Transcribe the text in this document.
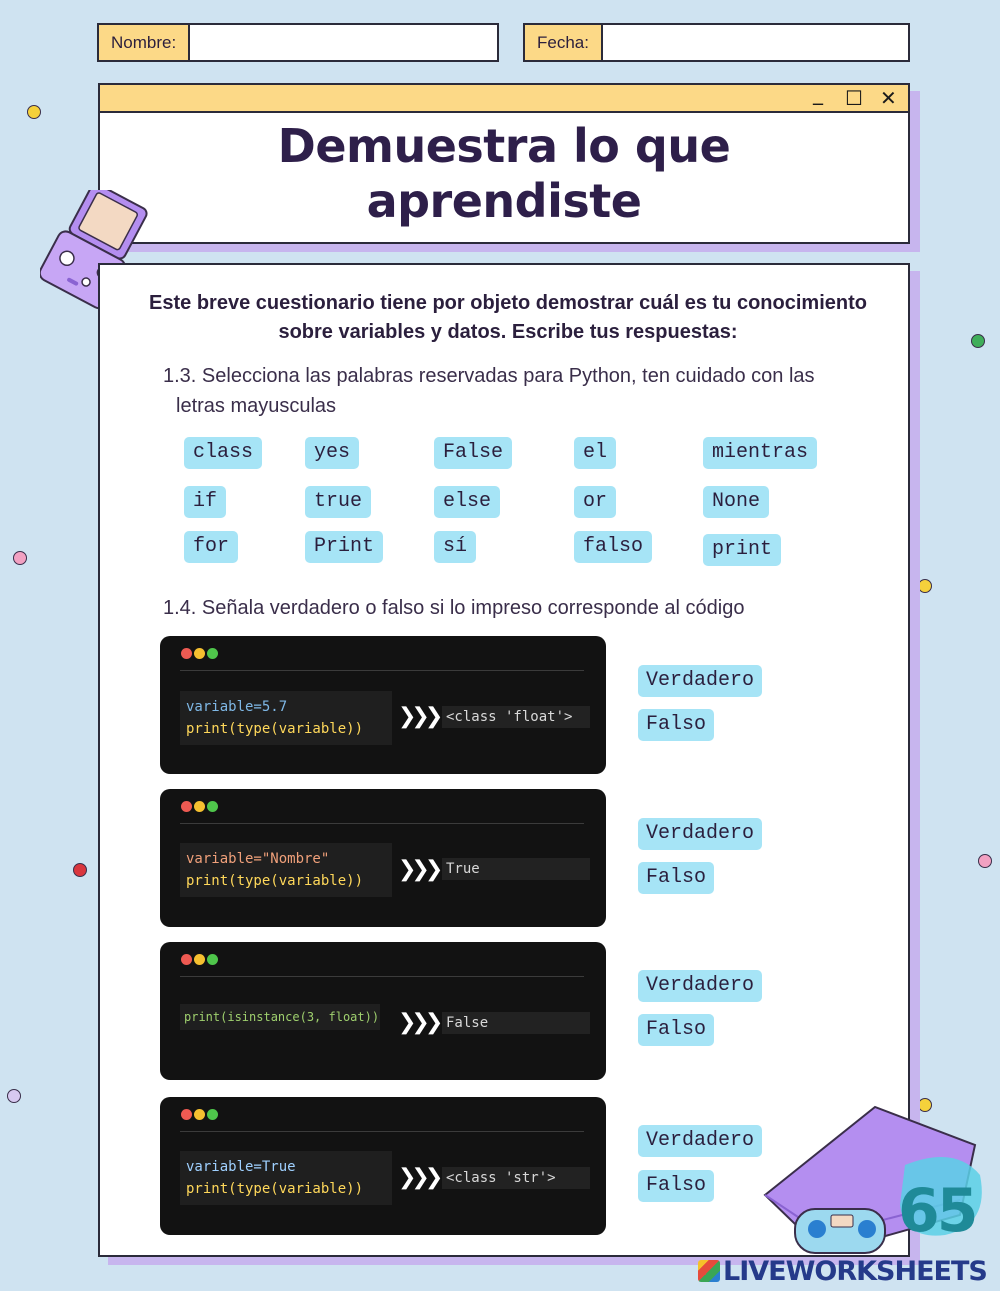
Nombre:	Fecha:
_ ☐ ✕
Demuestra lo que
aprendiste
Este breve cuestionario tiene por objeto demostrar cuál es tu conocimiento sobre variables y datos. Escribe tus respuestas:
1.3. Selecciona las palabras reservadas para Python, ten cuidado con las
letras mayusculas
1.4. Señala verdadero o falso si lo impreso corresponde al código
class	yes	False	el	mientras
if	true	else	or	None
for	Print	sí	falso	print
variable=5.7
print(type(variable))	❯❯❯ <class 'float'>
Verdadero
Falso
variable="Nombre"
print(type(variable))	❯❯❯ True
Verdadero
Falso
print(isinstance(3, float)) ❯❯❯ False
Verdadero
Falso
variable=True
print(type(variable))	❯❯❯ <class 'str'>
Verdadero
Falso	65
LIVEWORKSHEETS
